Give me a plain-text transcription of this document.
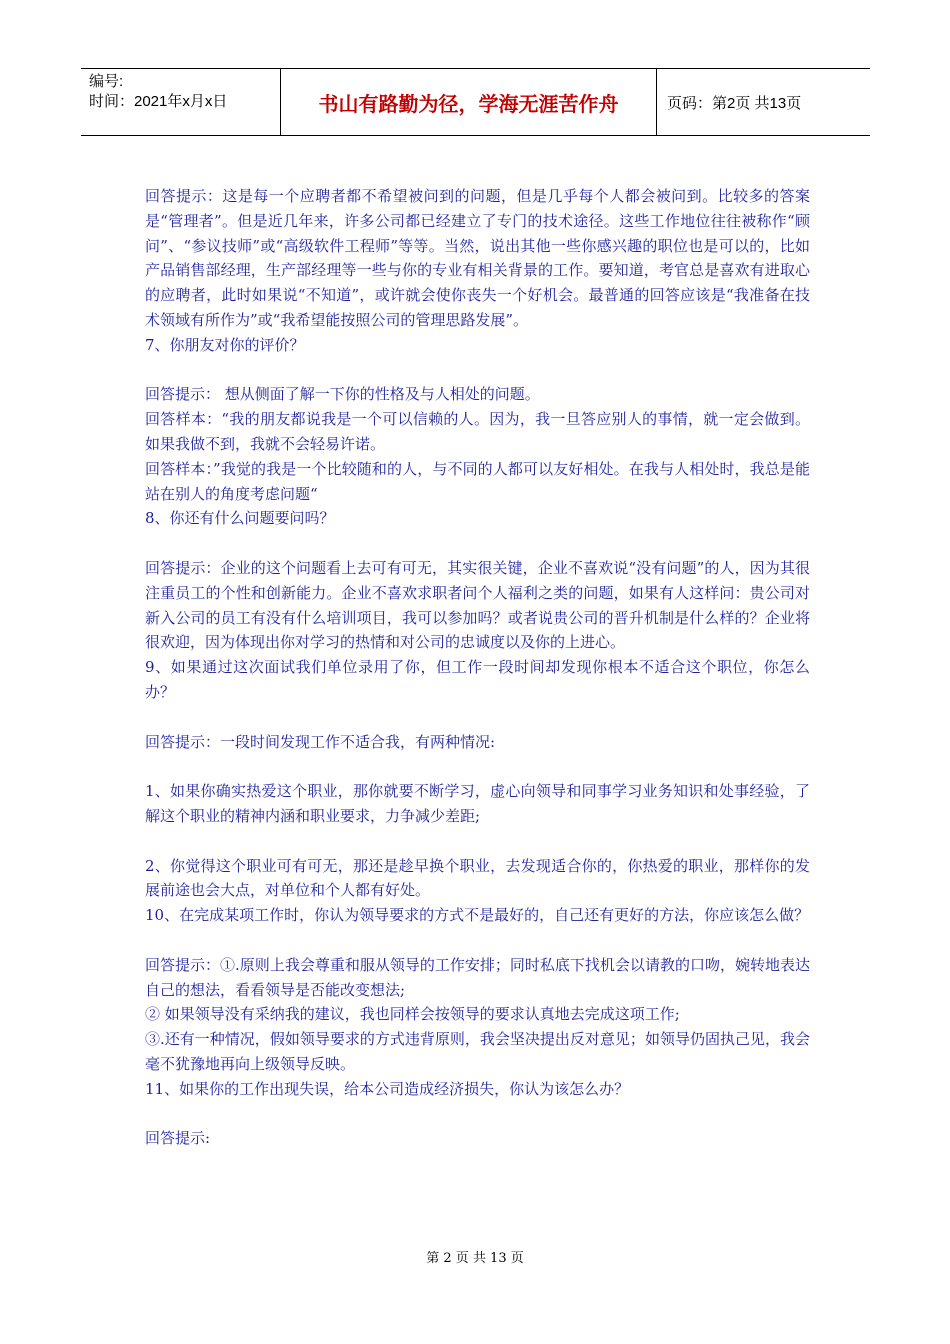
编号:
时间：2021年x月x日	书山有路勤为径，学海无涯苦作舟	页码：第2页 共13页

回答提示：这是每一个应聘者都不希望被问到的问题，但是几乎每个人都会被问到。比较多的答案是“管理者”。但是近几年来，许多公司都已经建立了专门的技术途径。这些工作地位往往被称作“顾问”、“参议技师”或“高级软件工程师”等等。当然，说出其他一些你感兴趣的职位也是可以的，比如产品销售部经理，生产部经理等一些与你的专业有相关背景的工作。要知道，考官总是喜欢有进取心的应聘者，此时如果说“不知道”，或许就会使你丧失一个好机会。最普通的回答应该是“我准备在技术领域有所作为”或“我希望能按照公司的管理思路发展”。

7、你朋友对你的评价？

回答提示： 想从侧面了解一下你的性格及与人相处的问题。

回答样本：“我的朋友都说我是一个可以信赖的人。因为，我一旦答应别人的事情，就一定会做到。如果我做不到，我就不会轻易许诺。

回答样本：”我觉的我是一个比较随和的人，与不同的人都可以友好相处。在我与人相处时，我总是能站在别人的角度考虑问题“

8、你还有什么问题要问吗？

回答提示：企业的这个问题看上去可有可无，其实很关键，企业不喜欢说“没有问题”的人，因为其很注重员工的个性和创新能力。企业不喜欢求职者问个人福利之类的问题，如果有人这样问：贵公司对新入公司的员工有没有什么培训项目，我可以参加吗？或者说贵公司的晋升机制是什么样的？企业将很欢迎，因为体现出你对学习的热情和对公司的忠诚度以及你的上进心。

9、如果通过这次面试我们单位录用了你，但工作一段时间却发现你根本不适合这个职位，你怎么办？

回答提示：一段时间发现工作不适合我，有两种情况:

1、如果你确实热爱这个职业，那你就要不断学习，虚心向领导和同事学习业务知识和处事经验，了解这个职业的精神内涵和职业要求，力争减少差距;

2、你觉得这个职业可有可无，那还是趁早换个职业，去发现适合你的，你热爱的职业，那样你的发展前途也会大点，对单位和个人都有好处。

10、在完成某项工作时，你认为领导要求的方式不是最好的，自己还有更好的方法，你应该怎么做？

回答提示：①.原则上我会尊重和服从领导的工作安排；同时私底下找机会以请教的口吻，婉转地表达自己的想法，看看领导是否能改变想法;

② 如果领导没有采纳我的建议，我也同样会按领导的要求认真地去完成这项工作;

③.还有一种情况，假如领导要求的方式违背原则，我会坚决提出反对意见；如领导仍固执己见，我会毫不犹豫地再向上级领导反映。

11、如果你的工作出现失误，给本公司造成经济损失，你认为该怎么办？

回答提示:

第 2 页 共 13 页
